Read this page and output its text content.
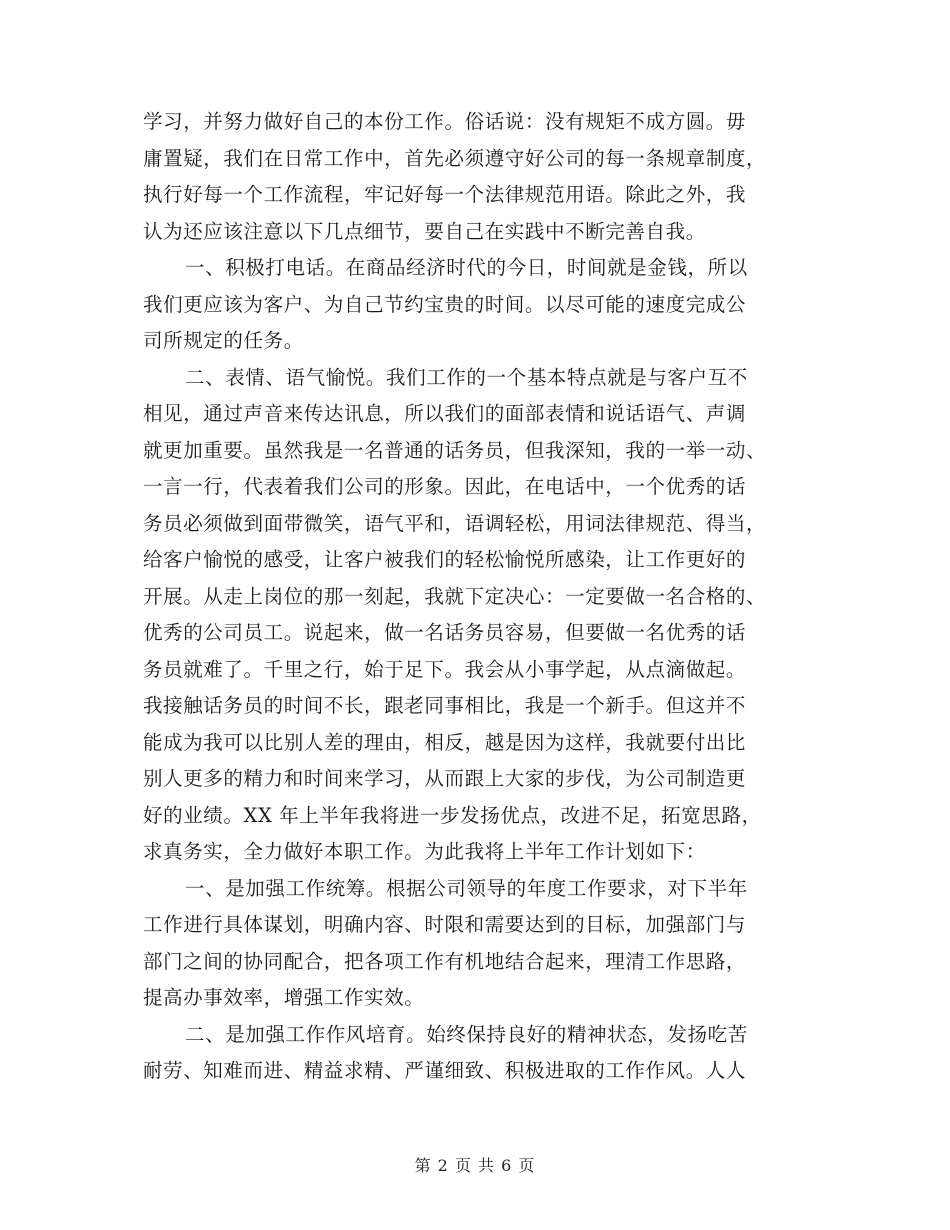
学习，并努力做好自己的本份工作。俗话说：没有规矩不成方圆。毋
庸置疑，我们在日常工作中，首先必须遵守好公司的每一条规章制度，
执行好每一个工作流程，牢记好每一个法律规范用语。除此之外，我
认为还应该注意以下几点细节，要自己在实践中不断完善自我。
一、积极打电话。在商品经济时代的今日，时间就是金钱，所以
我们更应该为客户、为自己节约宝贵的时间。以尽可能的速度完成公
司所规定的任务。
二、表情、语气愉悦。我们工作的一个基本特点就是与客户互不
相见，通过声音来传达讯息，所以我们的面部表情和说话语气、声调
就更加重要。虽然我是一名普通的话务员，但我深知，我的一举一动、
一言一行，代表着我们公司的形象。因此，在电话中，一个优秀的话
务员必须做到面带微笑，语气平和，语调轻松，用词法律规范、得当，
给客户愉悦的感受，让客户被我们的轻松愉悦所感染，让工作更好的
开展。从走上岗位的那一刻起，我就下定决心：一定要做一名合格的、
优秀的公司员工。说起来，做一名话务员容易，但要做一名优秀的话
务员就难了。千里之行，始于足下。我会从小事学起，从点滴做起。
我接触话务员的时间不长，跟老同事相比，我是一个新手。但这并不
能成为我可以比别人差的理由，相反，越是因为这样，我就要付出比
别人更多的精力和时间来学习，从而跟上大家的步伐，为公司制造更
好的业绩。XX 年上半年我将进一步发扬优点，改进不足，拓宽思路，
求真务实，全力做好本职工作。为此我将上半年工作计划如下：
一、是加强工作统筹。根据公司领导的年度工作要求，对下半年
工作进行具体谋划，明确内容、时限和需要达到的目标，加强部门与
部门之间的协同配合，把各项工作有机地结合起来，理清工作思路，
提高办事效率，增强工作实效。
二、是加强工作作风培育。始终保持良好的精神状态，发扬吃苦
耐劳、知难而进、精益求精、严谨细致、积极进取的工作作风。人人
第 2 页 共 6 页
